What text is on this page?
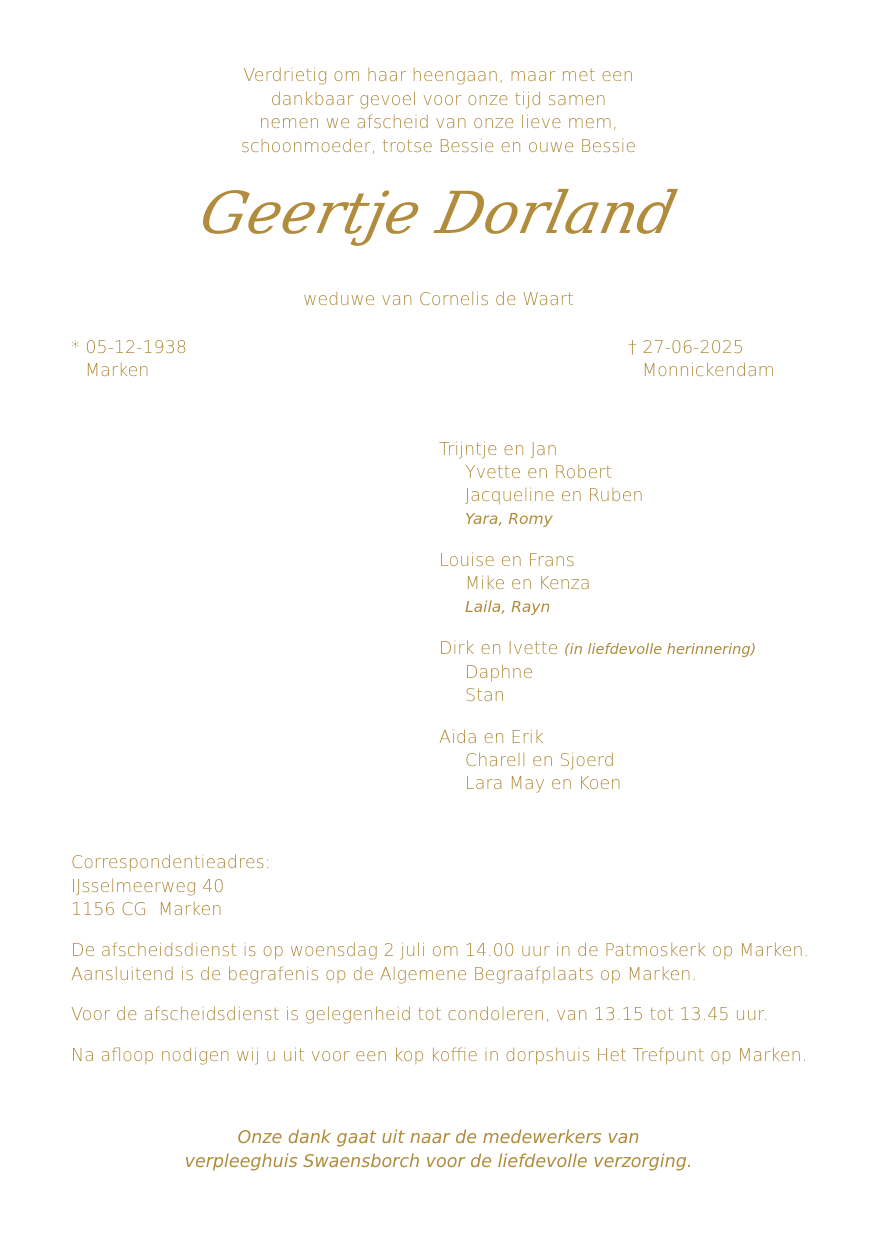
Verdrietig om haar heengaan, maar met een
dankbaar gevoel voor onze tijd samen
nemen we afscheid van onze lieve mem,
schoonmoeder, trotse Bessie en ouwe Bessie
Geertje Dorland
weduwe van Cornelis de Waart
* 05-12-1938
Marken
† 27-06-2025
Monnickendam
Trijntje en Jan
Yvette en Robert
Jacqueline en Ruben
Yara, Romy
Louise en Frans
Mike en Kenza
Laila, Rayn
Dirk en Ivette (in liefdevolle herinnering)
Daphne
Stan
Aïda en Erik
Charell en Sjoerd
Lara May en Koen
Correspondentieadres:
IJsselmeerweg 40
1156 CG  Marken

De afscheidsdienst is op woensdag 2 juli om 14.00 uur in de Patmoskerk op Marken.
Aansluitend is de begrafenis op de Algemene Begraafplaats op Marken.

Voor de afscheidsdienst is gelegenheid tot condoleren, van 13.15 tot 13.45 uur.

Na afloop nodigen wij u uit voor een kop koffie in dorpshuis Het Trefpunt op Marken.

Onze dank gaat uit naar de medewerkers van
verpleeghuis Swaensborch voor de liefdevolle verzorging.
